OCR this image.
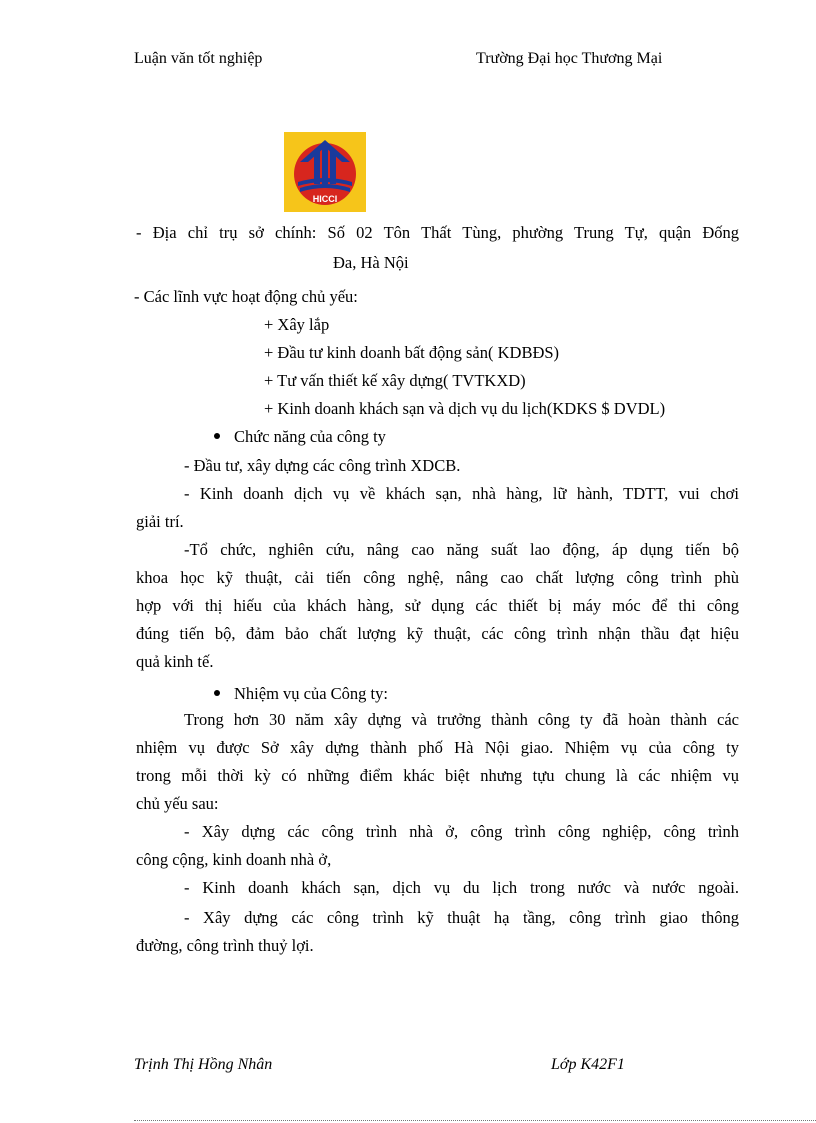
Luận văn tốt nghiệp	Trường Đại học Thương Mại
HICCI
- Địa chỉ trụ sở chính: Số 02 Tôn Thất Tùng, phường Trung Tự, quận Đống
Đa, Hà Nội
- Các lĩnh vực hoạt động chủ yếu:
+ Xây lắp
+ Đầu tư kinh doanh bất động sản( KDBĐS)
+ Tư vấn thiết kế xây dựng( TVTKXD)
+ Kinh doanh khách sạn và dịch vụ du lịch(KDKS $ DVDL)
Chức năng của công ty
- Đầu tư, xây dựng các công trình XDCB.
- Kinh doanh dịch vụ về khách sạn, nhà hàng, lữ hành, TDTT, vui chơi
giải trí.
-Tổ chức, nghiên cứu, nâng cao năng suất lao động, áp dụng tiến bộ
khoa học kỹ thuật, cải tiến công nghệ, nâng cao chất lượng công trình phù
hợp với thị hiếu của khách hàng, sử dụng các thiết bị máy móc để thi công
đúng tiến bộ, đảm bảo chất lượng kỹ thuật, các công trình nhận thầu đạt hiệu
quả kinh tế.
Nhiệm vụ của Công ty:
Trong hơn 30 năm xây dựng và trưởng thành công ty đã hoàn thành các
nhiệm vụ được Sở xây dựng thành phố Hà Nội giao. Nhiệm vụ của công ty
trong mỗi thời kỳ có những điểm khác biệt nhưng tựu chung là các nhiệm vụ
chủ yếu sau:
- Xây dựng các công trình nhà ở, công trình công nghiệp, công trình
công cộng, kinh doanh nhà ở,
- Kinh doanh khách sạn, dịch vụ du lịch trong nước và nước ngoài.
- Xây dựng các công trình kỹ thuật hạ tầng, công trình giao thông
đường, công trình thuỷ lợi.
Trịnh Thị Hồng Nhân	Lớp K42F1
